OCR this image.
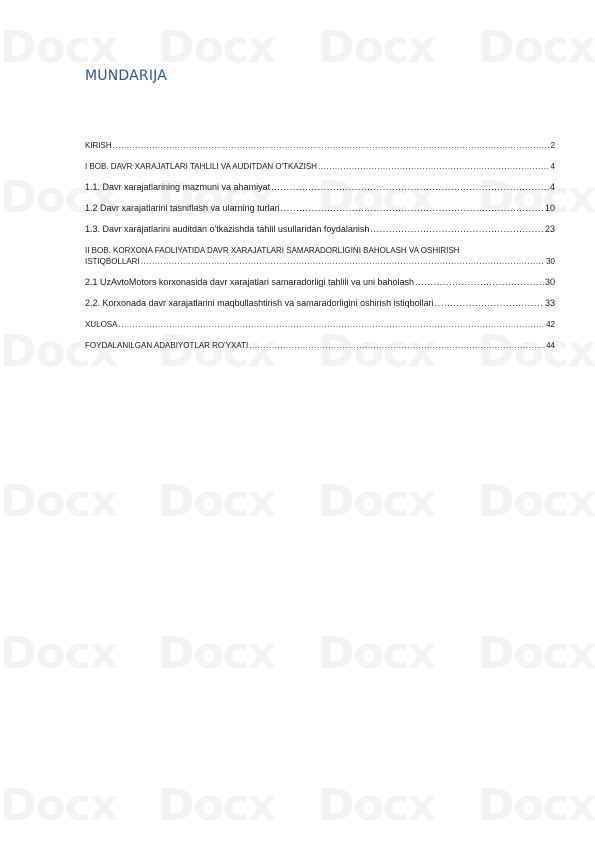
MUNDARIJA
KIRISH .....	2
I BOB. DAVR XARAJATLARI TAHLILI VA AUDITDAN O'TKAZISH .....	4
1.1. Davr xarajatlarining mazmuni va ahamiyat .....	4
1.2 Davr xarajatlarini tasniflash va ularning turlari .....	10
1.3. Davr xarajatlarini auditdan o'tkazishda tahlil usullaridan foydalanish .....	23
II BOB. KORXONA FAOLIYATIDA DAVR XARAJATLARI SAMARADORLIGINI BAHOLASH VA OSHIRISH
ISTIQBOLLARI .....	30
2.1 UzAvtoMotors korxonasida davr xarajatlari samaradorligi tahlili va uni baholash .....	30
2.2. Korxonada davr xarajatlarini maqbullashtirish va samaradorligini oshirish istiqbollari .....	33
XULOSA .....	42
FOYDALANILGAN ADABIYOTLAR RO'YXATI .....	44
